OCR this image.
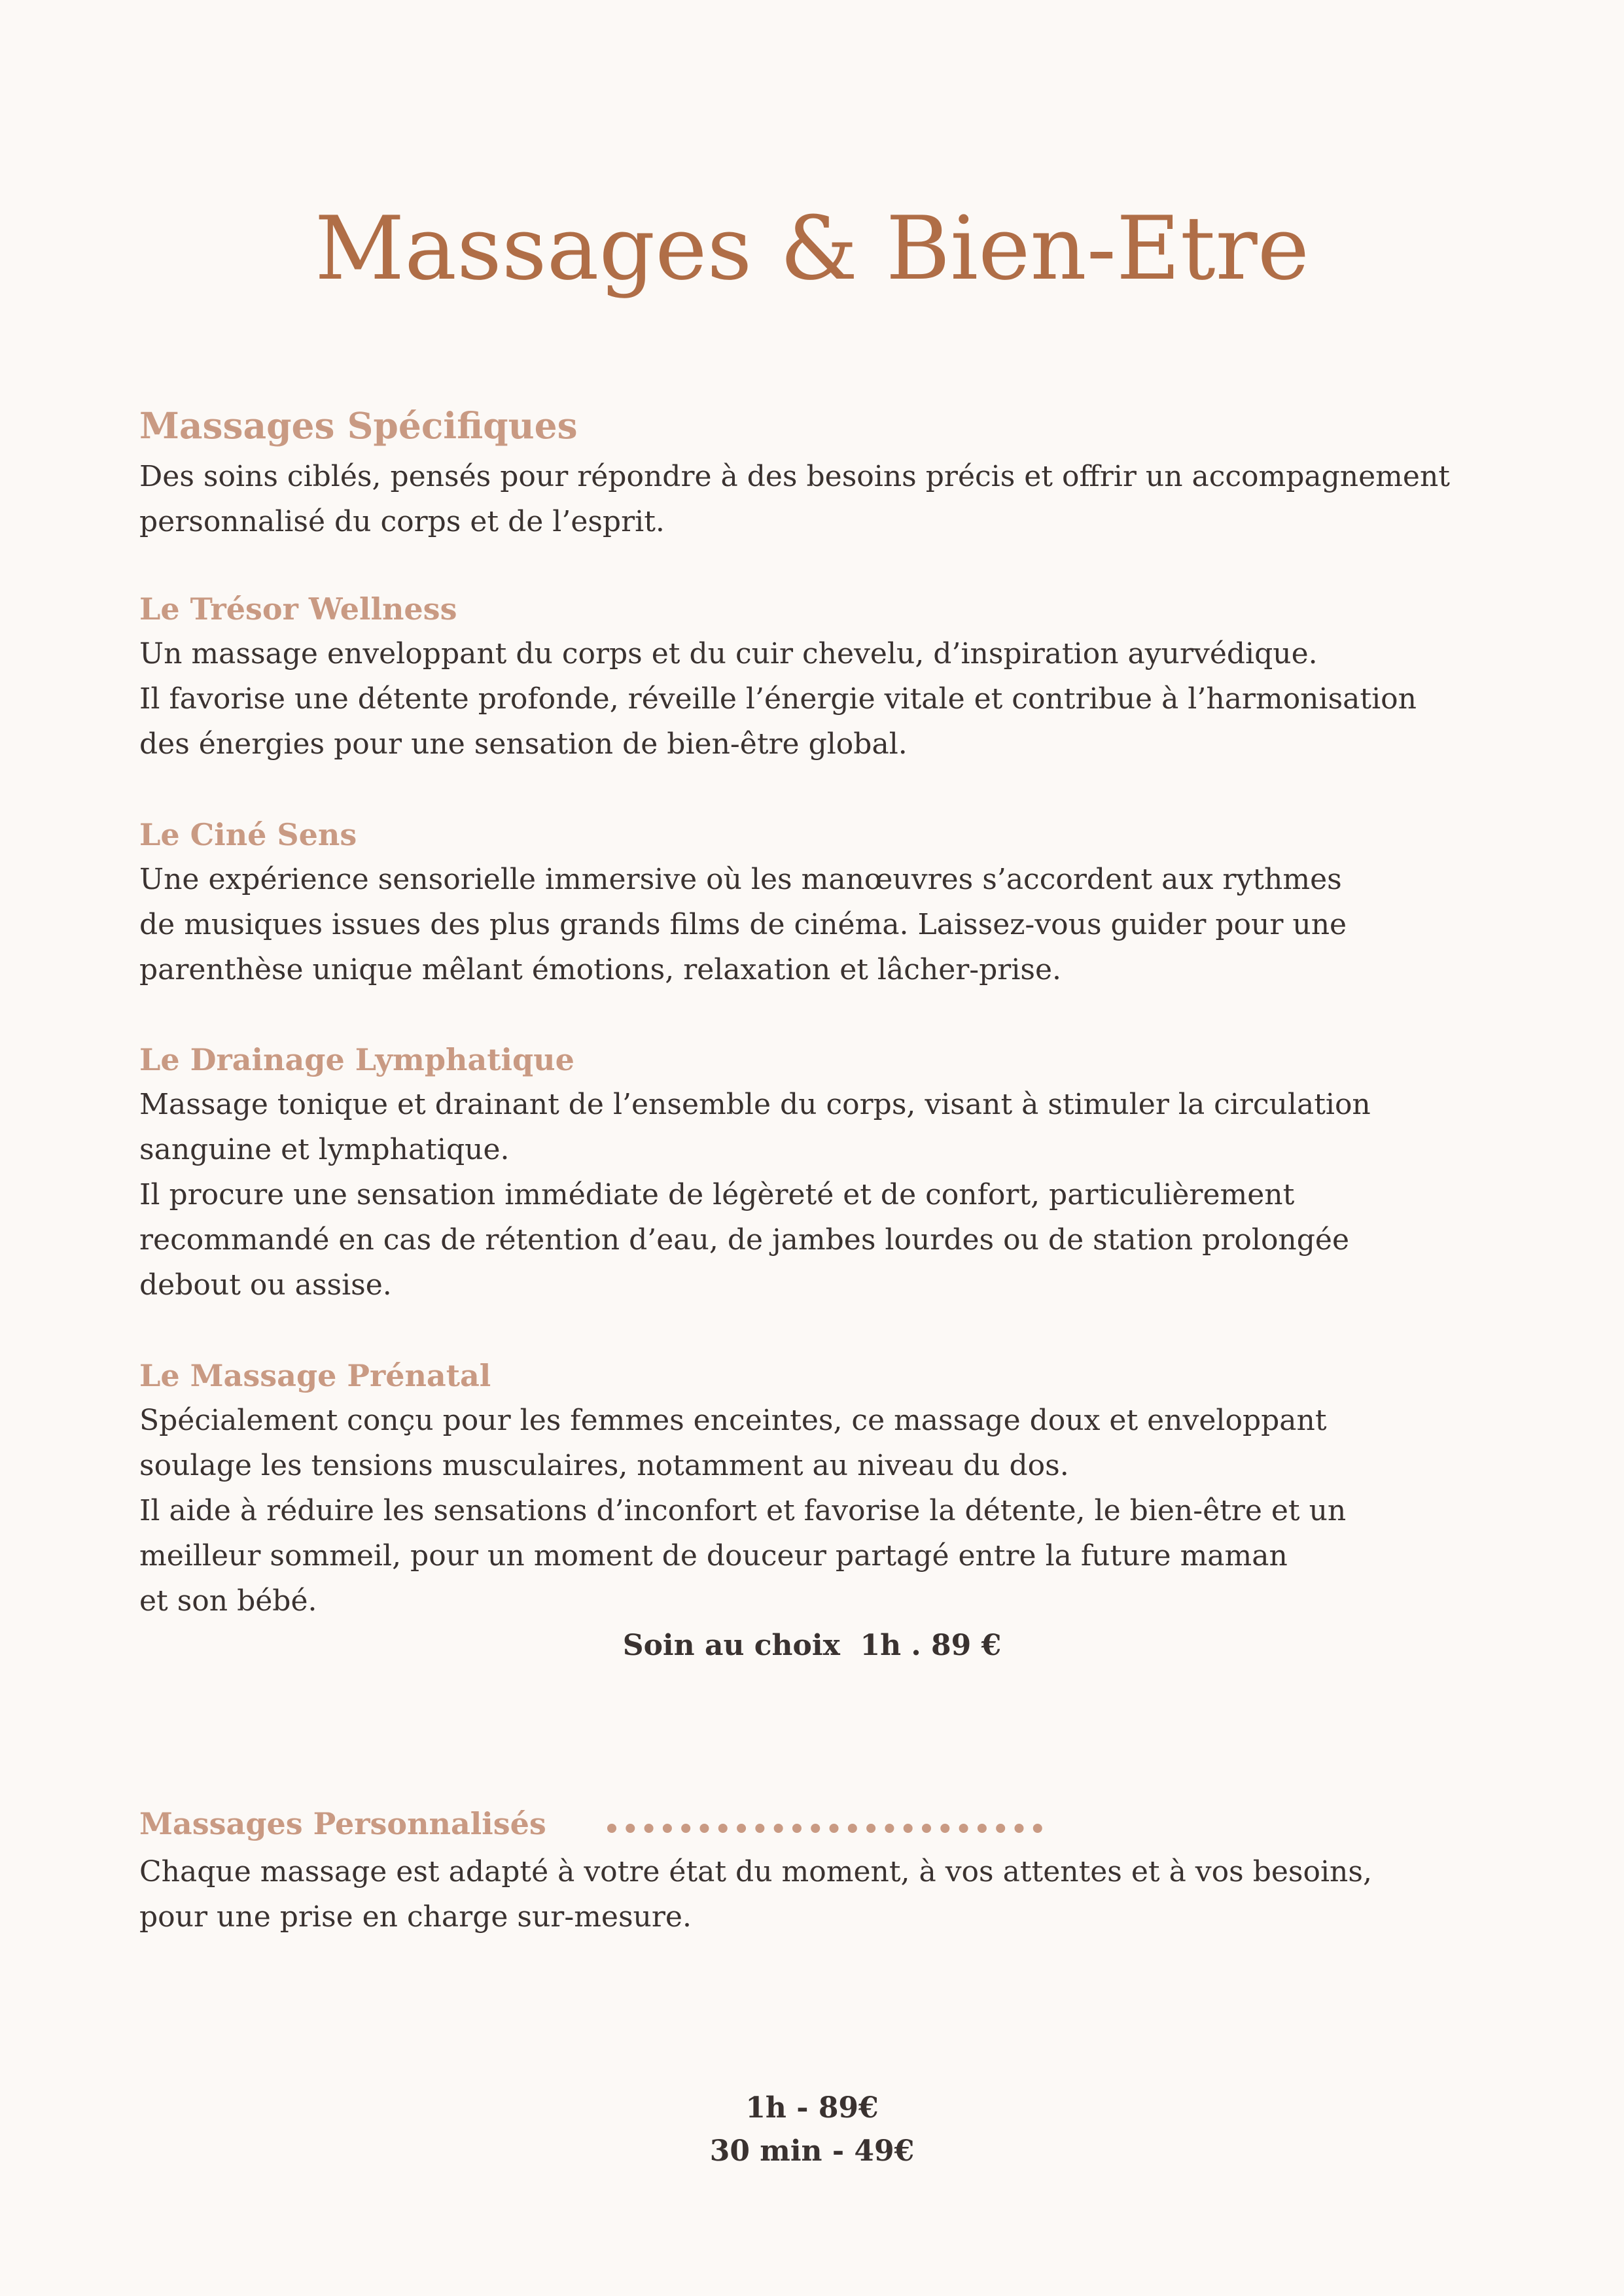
Massages & Bien-Etre
Massages Spécifiques
Des soins ciblés, pensés pour répondre à des besoins précis et offrir un accompagnement
personnalisé du corps et de l’esprit.
Le Trésor Wellness
Un massage enveloppant du corps et du cuir chevelu, d’inspiration ayurvédique.
Il favorise une détente profonde, réveille l’énergie vitale et contribue à l’harmonisation
des énergies pour une sensation de bien-être global.
Le Ciné Sens
Une expérience sensorielle immersive où les manœuvres s’accordent aux rythmes
de musiques issues des plus grands films de cinéma. Laissez-vous guider pour une
parenthèse unique mêlant émotions, relaxation et lâcher-prise.
Le Drainage Lymphatique
Massage tonique et drainant de l’ensemble du corps, visant à stimuler la circulation
sanguine et lymphatique.
Il procure une sensation immédiate de légèreté et de confort, particulièrement
recommandé en cas de rétention d’eau, de jambes lourdes ou de station prolongée
debout ou assise.
Le Massage Prénatal
Spécialement conçu pour les femmes enceintes, ce massage doux et enveloppant
soulage les tensions musculaires, notamment au niveau du dos.
Il aide à réduire les sensations d’inconfort et favorise la détente, le bien-être et un
meilleur sommeil, pour un moment de douceur partagé entre la future maman
et son bébé.
Soin au choix  1h . 89 €
Massages Personnalisés
Chaque massage est adapté à votre état du moment, à vos attentes et à vos besoins,
pour une prise en charge sur-mesure.
1h - 89€
30 min - 49€
